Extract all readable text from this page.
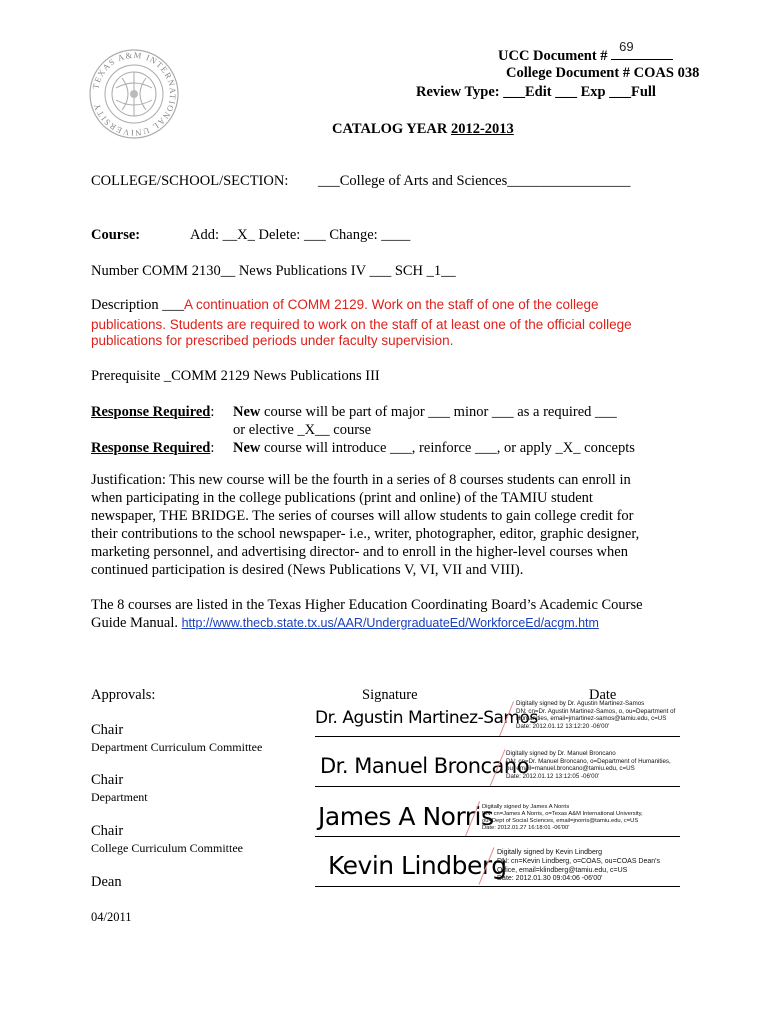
TEXAS A&M INTERNATIONAL UNIVERSITY
UCC Document #
69
College Document # COAS 038
Review Type: ___Edit ___ Exp ___Full
CATALOG YEAR 2012-2013
COLLEGE/SCHOOL/SECTION: ___College of Arts and Sciences_________________
Course:	Add: __X_ Delete: ___ Change: ____
Number COMM 2130__ News Publications IV ___ SCH _1__
Description ___A continuation of COMM 2129. Work on the staff of one of the college
publications. Students are required to work on the staff of at least one of the official college
publications for prescribed periods under faculty supervision.
Prerequisite _COMM 2129 News Publications III
Response Required: New course will be part of major ___ minor ___ as a required ___
or elective _X__ course
Response Required: New course will introduce ___, reinforce ___, or apply _X_ concepts
Justification: This new course will be the fourth in a series of 8 courses students can enroll in
when participating in the college publications (print and online) of the TAMIU student
newspaper, THE BRIDGE. The series of courses will allow students to gain college credit for
their contributions to the school newspaper- i.e., writer, photographer, editor, graphic designer,
marketing personnel, and advertising director- and to enroll in the higher-level courses when
continued participation is desired (News Publications V, VI, VII and VIII).
The 8 courses are listed in the Texas Higher Education Coordinating Board’s Academic Course
Guide Manual. http://www.thecb.state.tx.us/AAR/UndergraduateEd/WorkforceEd/acgm.htm
Approvals:	Signature	Date
Chair
Department Curriculum Committee
Dr. Agustin Martinez-Samos
Digitally signed by Dr. Agustin Martinez-Samos
DN: cn=Dr. Agustin Martinez-Samos, o, ou=Department of
Humanities, email=jmartinez-samos@tamiu.edu, c=US
Date: 2012.01.12 13:12:20 -06'00'
Chair
Department
Dr. Manuel Broncano
Digitally signed by Dr. Manuel Broncano
DN: cn=Dr. Manuel Broncano, o=Department of Humanities,
ou, email=manuel.broncano@tamiu.edu, c=US
Date: 2012.01.12 13:12:05 -06'00'
Chair
College Curriculum Committee
James A Norris
Digitally signed by James A Norris
DN: cn=James A Norris, o=Texas A&M International University,
ou=Dept of Social Sciences, email=jnorris@tamiu.edu, c=US
Date: 2012.01.27 16:18:01 -06'00'
Dean
Kevin Lindberg
Digitally signed by Kevin Lindberg
DN: cn=Kevin Lindberg, o=COAS, ou=COAS Dean's
Office, email=klindberg@tamiu.edu, c=US
Date: 2012.01.30 09:04:06 -06'00'
04/2011
